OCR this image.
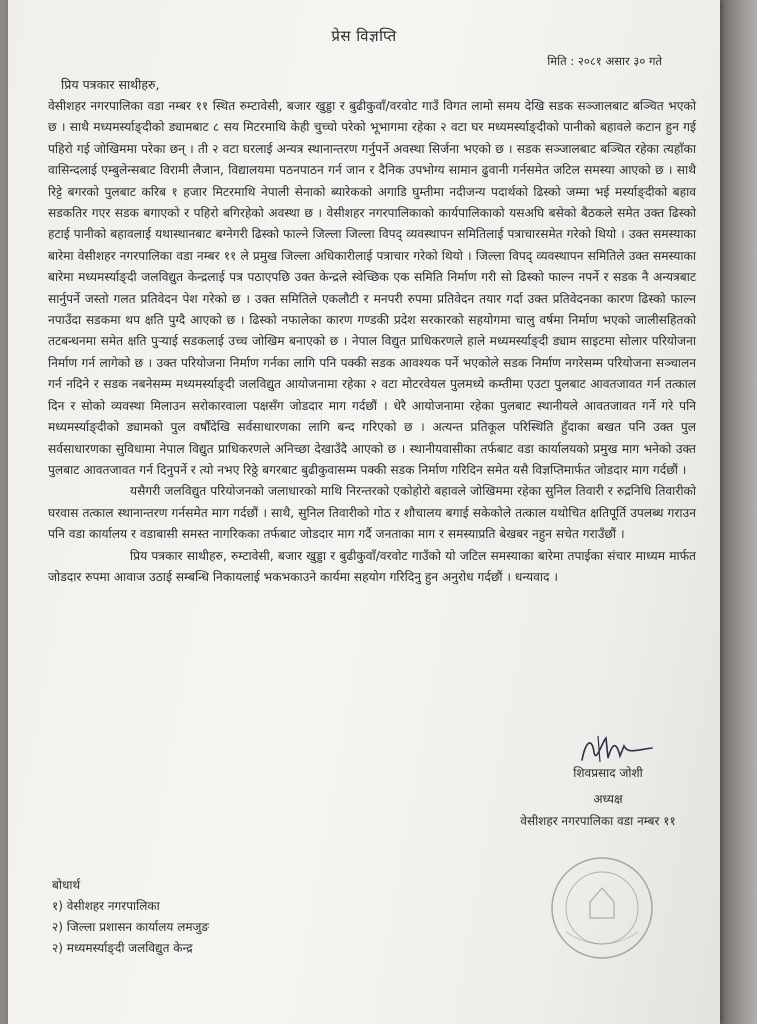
प्रेस विज्ञप्ति
मिति : २०८१ असार ३० गते
प्रिय पत्रकार साथीहरु,

वेसीशहर नगरपालिका वडा नम्बर ११ स्थित रुम्टावेसी, बजार खुड्डा र बुढीकुवाँ/वरवोट गाउँ विगत लामो समय देखि सडक सञ्जालबाट बञ्चित भएको छ । साथै मध्यमर्स्याङ्दीको ड्यामबाट ८ सय मिटरमाथि केही चुच्चो परेको भूभागमा रहेका २ वटा घर मध्यमर्स्याङ्दीको पानीको बहावले कटान हुन गई पहिरो गई जोखिममा परेका छन् । ती २ वटा घरलाई अन्यत्र स्थानान्तरण गर्नुपर्ने अवस्था सिर्जना भएको छ । सडक सञ्जालबाट बञ्चित रहेका त्यहाँका वासिन्दलाई एम्बुलेन्सबाट विरामी लैजान, विद्यालयमा पठनपाठन गर्न जान र दैनिक उपभोग्य सामान ढुवानी गर्नसमेत जटिल समस्या आएको छ । साथै रिट्टे बगरको पुलबाट करिब १ हजार मिटरमाथि नेपाली सेनाको ब्यारेकको अगाडि घुम्तीमा नदीजन्य पदार्थको ढिस्को जम्मा भई मर्स्याङ्दीको बहाव सडकतिर गएर सडक बगाएको र पहिरो बगिरहेको अवस्था छ । वेसीशहर नगरपालिकाको कार्यपालिकाको यसअघि बसेको बैठकले समेत उक्त ढिस्को हटाई पानीको बहावलाई यथास्थानबाट बग्नेगरी ढिस्को फाल्ने जिल्ला जिल्ला विपद् व्यवस्थापन समितिलाई पत्राचारसमेत गरेको थियो । उक्त समस्याका बारेमा वेसीशहर नगरपालिका वडा नम्बर ११ ले प्रमुख जिल्ला अधिकारीलाई पत्राचार गरेको थियो । जिल्ला विपद् व्यवस्थापन समितिले उक्त समस्याका बारेमा मध्यमर्स्याङ्दी जलविद्युत केन्द्रलाई पत्र पठाएपछि उक्त केन्द्रले स्वेच्छिक एक समिति निर्माण गरी सो ढिस्को फाल्न नपर्ने र सडक नै अन्यत्रबाट सार्नुपर्ने जस्तो गलत प्रतिवेदन पेश गरेको छ । उक्त समितिले एकलौटी र मनपरी रुपमा प्रतिवेदन तयार गर्दा उक्त प्रतिवेदनका कारण ढिस्को फाल्न नपाउँदा सडकमा थप क्षति पुग्दै आएको छ । ढिस्को नफालेका कारण गण्डकी प्रदेश सरकारको सहयोगमा चालु वर्षमा निर्माण भएको जालीसहितको तटबन्धनमा समेत क्षति पुऱ्याई सडकलाई उच्च जोखिम बनाएको छ । नेपाल विद्युत प्राधिकरणले हाले मध्यमर्स्याङ्दी ड्याम साइटमा सोलार परियोजना निर्माण गर्न लागेको छ । उक्त परियोजना निर्माण गर्नका लागि पनि पक्की सडक आवश्यक पर्ने भएकोले सडक निर्माण नगरेसम्म परियोजना सञ्चालन गर्न नदिने र सडक नबनेसम्म मध्यमर्स्याङ्दी जलविद्युत आयोजनामा रहेका २ वटा मोटरवेयल पुलमध्ये कम्तीमा एउटा पुलबाट आवतजावत गर्न तत्काल दिन र सोको व्यवस्था मिलाउन सरोकारवाला पक्षसँग जोडदार माग गर्दछौं । धेरै आयोजनामा रहेका पुलबाट स्थानीयले आवतजावत गर्ने गरे पनि मध्यमर्स्याङ्दीको ड्यामको पुल वर्षौंदेखि सर्वसाधारणका लागि बन्द गरिएको छ । अत्यन्त प्रतिकूल परिस्थिति हुँदाका बखत पनि उक्त पुल सर्वसाधारणका सुविधामा नेपाल विद्युत प्राधिकरणले अनिच्छा देखाउँदै आएको छ । स्थानीयवासीका तर्फबाट वडा कार्यालयको प्रमुख माग भनेको उक्त पुलबाट आवतजावत गर्न दिनुपर्ने र त्यो नभए रिठ्ठे बगरबाट बुढीकुवासम्म पक्की सडक निर्माण गरिदिन समेत यसै विज्ञप्तिमार्फत जोडदार माग गर्दछौं ।

यसैगरी जलविद्युत परियोजनको जलाधारको माथि निरन्तरको एकोहोरो बहावले जोखिममा रहेका सुनिल तिवारी र रुद्रनिधि तिवारीको घरवास तत्काल स्थानान्तरण गर्नसमेत माग गर्दछौं । साथै, सुनिल तिवारीको गोठ र शौचालय बगाई सकेकोले तत्काल यथोचित क्षतिपूर्ति उपलब्ध गराउन पनि वडा कार्यालय र वडाबासी समस्त नागरिकका तर्फबाट जोडदार माग गर्दै जनताका माग र समस्याप्रति बेखबर नहुन सचेत गराउँछौं ।

प्रिय पत्रकार साथीहरु, रुम्टावेसी, बजार खुड्डा र बुढीकुवाँ/वरवोट गाउँको यो जटिल समस्याका बारेमा तपाईका संचार माध्यम मार्फत जोडदार रुपमा आवाज उठाई सम्बन्धि निकायलाई भकभकाउने कार्यमा सहयोग गरिदिनु हुन अनुरोध गर्दछौं । धन्यवाद ।

शिवप्रसाद जोशी
अध्यक्ष
वेसीशहर नगरपालिका वडा नम्बर ११
बोधार्थ
१) वेसीशहर नगरपालिका
२) जिल्ला प्रशासन कार्यालय लमजुङ
२) मध्यमर्स्याङ्दी जलविद्युत केन्द्र
